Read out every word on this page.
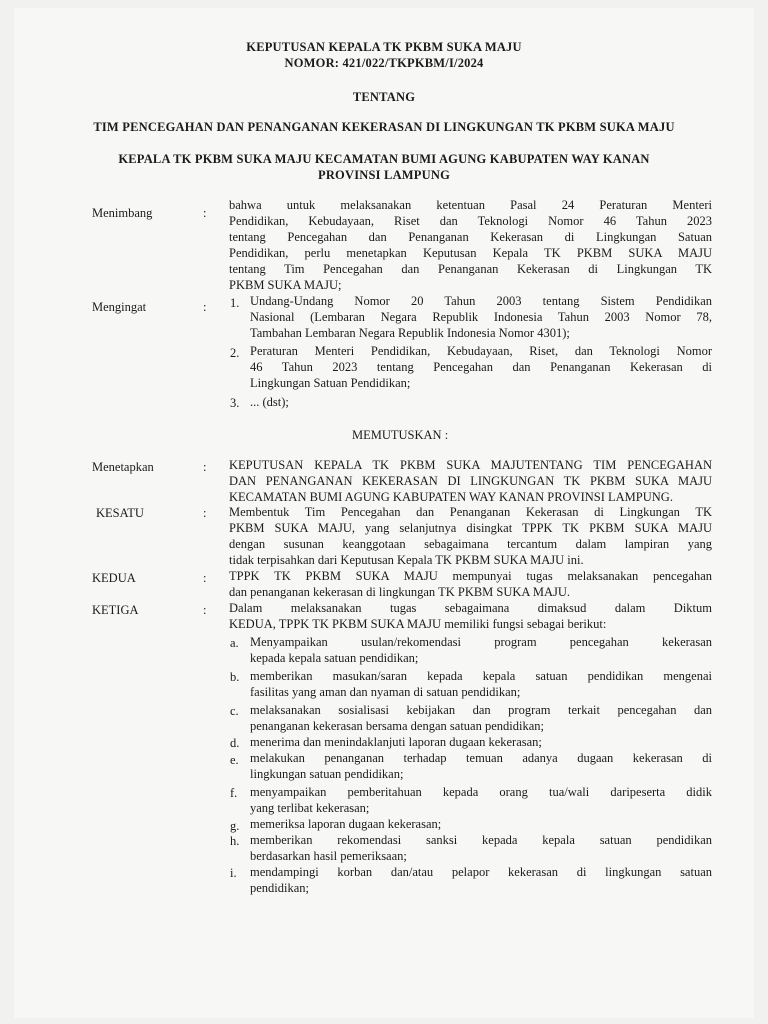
KEPUTUSAN KEPALA TK PKBM SUKA MAJU
NOMOR: 421/022/TKPKBM/I/2024
TENTANG
TIM PENCEGAHAN DAN PENANGANAN KEKERASAN DI LINGKUNGAN TK PKBM SUKA MAJU
KEPALA TK PKBM SUKA MAJU KECAMATAN BUMI AGUNG KABUPATEN WAY KANAN
PROVINSI LAMPUNG
Menimbang	:
bahwa untuk melaksanakan ketentuan Pasal 24 Peraturan Menteri
Pendidikan, Kebudayaan, Riset dan Teknologi Nomor 46 Tahun 2023
tentang Pencegahan dan Penanganan Kekerasan di Lingkungan Satuan
Pendidikan, perlu menetapkan Keputusan Kepala TK PKBM SUKA MAJU
tentang Tim Pencegahan dan Penanganan Kekerasan di Lingkungan TK
PKBM SUKA MAJU;
Mengingat	: 1. Undang-Undang Nomor 20 Tahun 2003 tentang Sistem Pendidikan
Nasional (Lembaran Negara Republik Indonesia Tahun 2003 Nomor 78,
Tambahan Lembaran Negara Republik Indonesia Nomor 4301);
2. Peraturan Menteri Pendidikan, Kebudayaan, Riset, dan Teknologi Nomor
46 Tahun 2023 tentang Pencegahan dan Penanganan Kekerasan di
Lingkungan Satuan Pendidikan;
3. ... (dst);
MEMUTUSKAN :
Menetapkan	: KEPUTUSAN KEPALA TK PKBM SUKA MAJUTENTANG TIM PENCEGAHAN
DAN PENANGANAN KEKERASAN DI LINGKUNGAN TK PKBM SUKA MAJU
KECAMATAN BUMI AGUNG KABUPATEN WAY KANAN PROVINSI LAMPUNG.
KESATU	: Membentuk Tim Pencegahan dan Penanganan Kekerasan di Lingkungan TK
PKBM SUKA MAJU, yang selanjutnya disingkat TPPK TK PKBM SUKA MAJU
dengan susunan keanggotaan sebagaimana tercantum dalam lampiran yang
tidak terpisahkan dari Keputusan Kepala TK PKBM SUKA MAJU ini.
KEDUA	: TPPK TK PKBM SUKA MAJU mempunyai tugas melaksanakan pencegahan
dan penanganan kekerasan di lingkungan TK PKBM SUKA MAJU.
KETIGA	: Dalam melaksanakan tugas sebagaimana dimaksud dalam Diktum
KEDUA, TPPK TK PKBM SUKA MAJU memiliki fungsi sebagai berikut:
a. Menyampaikan usulan/rekomendasi program pencegahan kekerasan
kepada kepala satuan pendidikan;
b. memberikan masukan/saran kepada kepala satuan pendidikan mengenai
fasilitas yang aman dan nyaman di satuan pendidikan;
c. melaksanakan sosialisasi kebijakan dan program terkait pencegahan dan
penanganan kekerasan bersama dengan satuan pendidikan;
d. menerima dan menindaklanjuti laporan dugaan kekerasan;
e. melakukan penanganan terhadap temuan adanya dugaan kekerasan di
lingkungan satuan pendidikan;
f. menyampaikan pemberitahuan kepada orang tua/wali daripeserta didik
yang terlibat kekerasan;
g. memeriksa laporan dugaan kekerasan;
h. memberikan rekomendasi sanksi kepada kepala satuan pendidikan
berdasarkan hasil pemeriksaan;
i. mendampingi korban dan/atau pelapor kekerasan di lingkungan satuan
pendidikan;
